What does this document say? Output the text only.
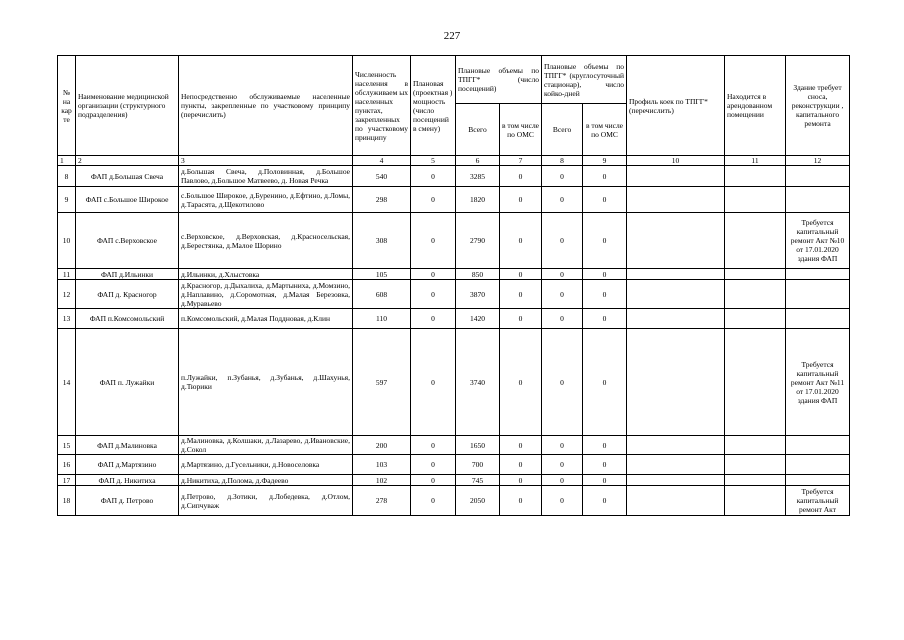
227
№ на кар те	Наименование медицинской организации (структурного подразделения)	Непосредственно обслуживаемые населенные пункты, закрепленные по участковому принципу (перечислить)	Численность населения в обслуживаем ых населенных пунктах, закрепленных по участковому принципу	Плановая (проектная ) мощность (число посещений в смену)	Плановые объемы по ТПГГ* (число посещений)		Плановые объемы по ТПГГ* (круглосуточный стационар), число койко-дней		Профиль коек по ТПГГ* (перечислить)	Находится в арендованном помещении	Здание требует сноса, реконструкции , капитального ремонта
					Всего	в том числе по ОМС	Всего	в том числе по ОМС			
1	2	3	4	5	6	7	8	9	10	11	12
8	ФАП д.Большая Свеча	д.Большая Свеча, д.Половинная, д.Большое Павлово, д.Большое Матвеево, д. Новая Речка	540	0	3285	0	0	0			
9	ФАП с.Большое Широкое	с.Большое Широкое, д.Буренино, д.Ефтино, д.Ломы, д.Тарасята, д.Щекотилово	298	0	1820	0	0	0			
10	ФАП с.Верховское	с.Верховское, д.Верховская, д.Красносельская, д.Берестянка, д.Малое Шорино	308	0	2790	0	0	0			Требуется капитальный ремонт Акт №10 от 17.01.2020 здания ФАП
11	ФАП д.Ильинки	д.Ильинки, д.Хлыстовка	105	0	850	0	0	0			
12	ФАП д. Красногор	д.Красногор, д.Дыхалиха, д.Мартыниха, д.Момзино, д.Наплавино, д.Соромотная, д.Малая Березовка, д.Муравьево	608	0	3870	0	0	0			
13	ФАП п.Комсомольский	п.Комсомольский, д.Малая Поддновая, д.Клин	110	0	1420	0	0	0			
14	ФАП п. Лужайки	п.Лужайки, п.Зубанья, д.Зубанья, д.Шахунья, д.Тюрики	597	0	3740	0	0	0			Требуется капитальный ремонт Акт №11 от 17.01.2020 здания ФАП
15	ФАП д.Малиновка	д.Малиновка, д.Колшаки, д.Лазарево, д.Ивановские, д.Сокол	200	0	1650	0	0	0			
16	ФАП д.Мартязино	д.Мартязино, д.Гусельники, д.Новоселовка	103	0	700	0	0	0			
17	ФАП д. Никитиха	д.Никитиха, д.Полома, д.Фадеево	102	0	745	0	0	0			
18	ФАП д. Петрово	д.Петрово, д.Зотики, д.Лобедевка, д.Отлом, д.Сипчуваж	278	0	2050	0	0	0			Требуется капитальный ремонт Акт
